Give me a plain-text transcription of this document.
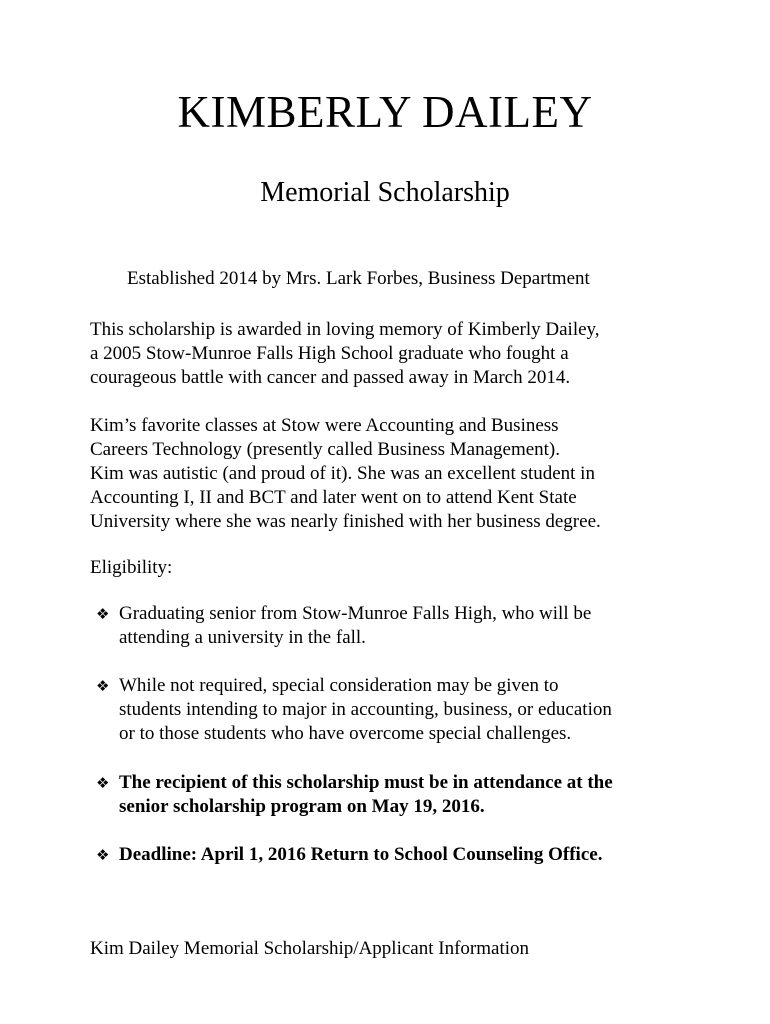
KIMBERLY DAILEY
Memorial Scholarship
Established 2014 by Mrs. Lark Forbes, Business Department

This scholarship is awarded in loving memory of Kimberly Dailey,
a 2005 Stow-Munroe Falls High School graduate who fought a
courageous battle with cancer and passed away in March 2014.

Kim’s favorite classes at Stow were Accounting and Business
Careers Technology (presently called Business Management).
Kim was autistic (and proud of it). She was an excellent student in
Accounting I, II and BCT and later went on to attend Kent State
University where she was nearly finished with her business degree.

Eligibility:
❖ Graduating senior from Stow-Munroe Falls High, who will be
attending a university in the fall.
❖ While not required, special consideration may be given to
students intending to major in accounting, business, or education
or to those students who have overcome special challenges.
❖ The recipient of this scholarship must be in attendance at the
senior scholarship program on May 19, 2016.
❖ Deadline: April 1, 2016 Return to School Counseling Office.
Kim Dailey Memorial Scholarship/Applicant Information
